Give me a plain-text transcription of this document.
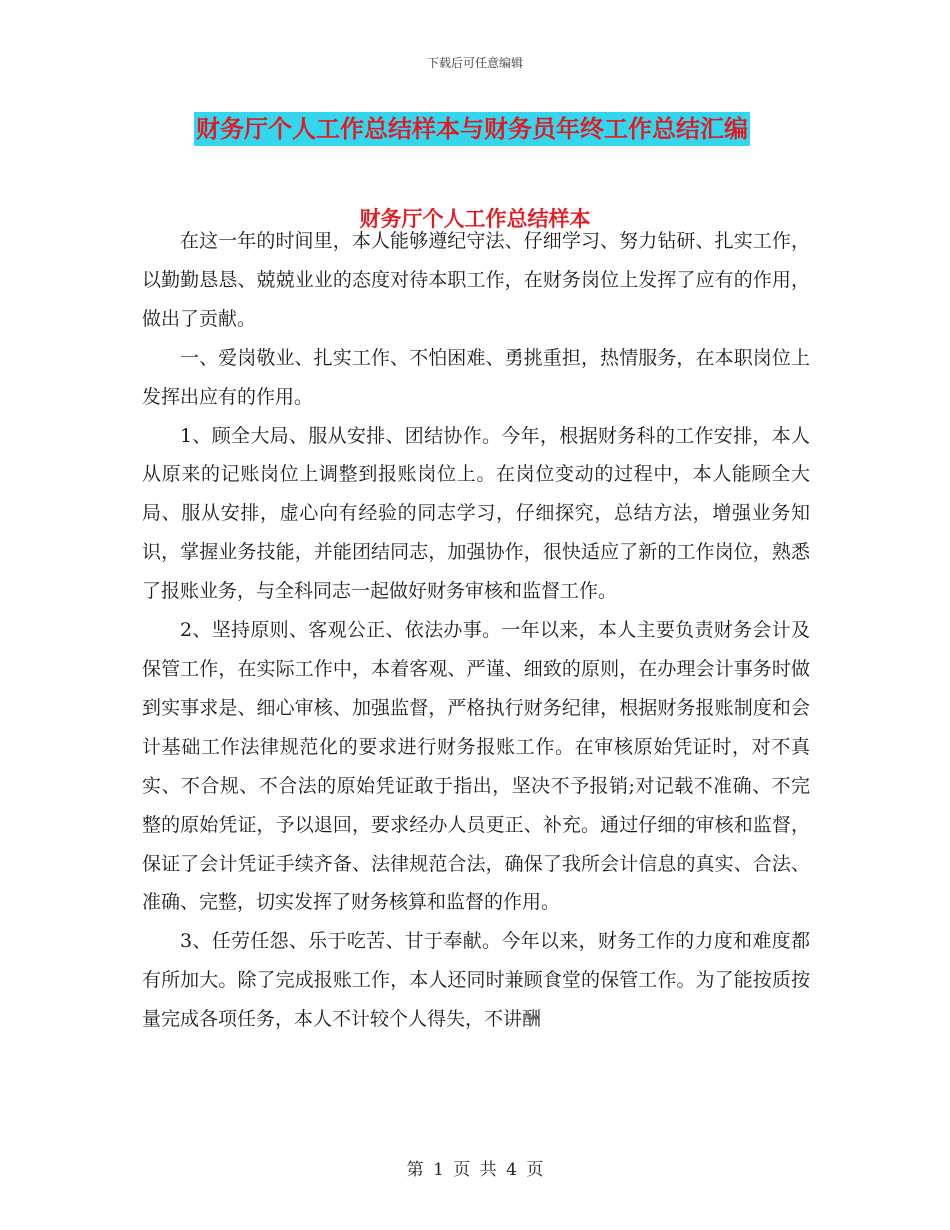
下载后可任意编辑
财务厅个人工作总结样本与财务员年终工作总结汇编
财务厅个人工作总结样本

在这一年的时间里，本人能够遵纪守法、仔细学习、努力钻研、扎实工作，以勤勤恳恳、兢兢业业的态度对待本职工作，在财务岗位上发挥了应有的作用，做出了贡献。

一、爱岗敬业、扎实工作、不怕困难、勇挑重担，热情服务，在本职岗位上发挥出应有的作用。

1、顾全大局、服从安排、团结协作。今年，根据财务科的工作安排，本人从原来的记账岗位上调整到报账岗位上。在岗位变动的过程中，本人能顾全大局、服从安排，虚心向有经验的同志学习，仔细探究，总结方法，增强业务知识，掌握业务技能，并能团结同志，加强协作，很快适应了新的工作岗位，熟悉了报账业务，与全科同志一起做好财务审核和监督工作。

2、坚持原则、客观公正、依法办事。一年以来，本人主要负责财务会计及保管工作，在实际工作中，本着客观、严谨、细致的原则，在办理会计事务时做到实事求是、细心审核、加强监督，严格执行财务纪律，根据财务报账制度和会计基础工作法律规范化的要求进行财务报账工作。在审核原始凭证时，对不真实、不合规、不合法的原始凭证敢于指出，坚决不予报销;对记载不准确、不完整的原始凭证，予以退回，要求经办人员更正、补充。通过仔细的审核和监督，保证了会计凭证手续齐备、法律规范合法，确保了我所会计信息的真实、合法、准确、完整，切实发挥了财务核算和监督的作用。

3、任劳任怨、乐于吃苦、甘于奉献。今年以来，财务工作的力度和难度都有所加大。除了完成报账工作，本人还同时兼顾食堂的保管工作。为了能按质按量完成各项任务，本人不计较个人得失，不讲酬

第 1 页 共 4 页
